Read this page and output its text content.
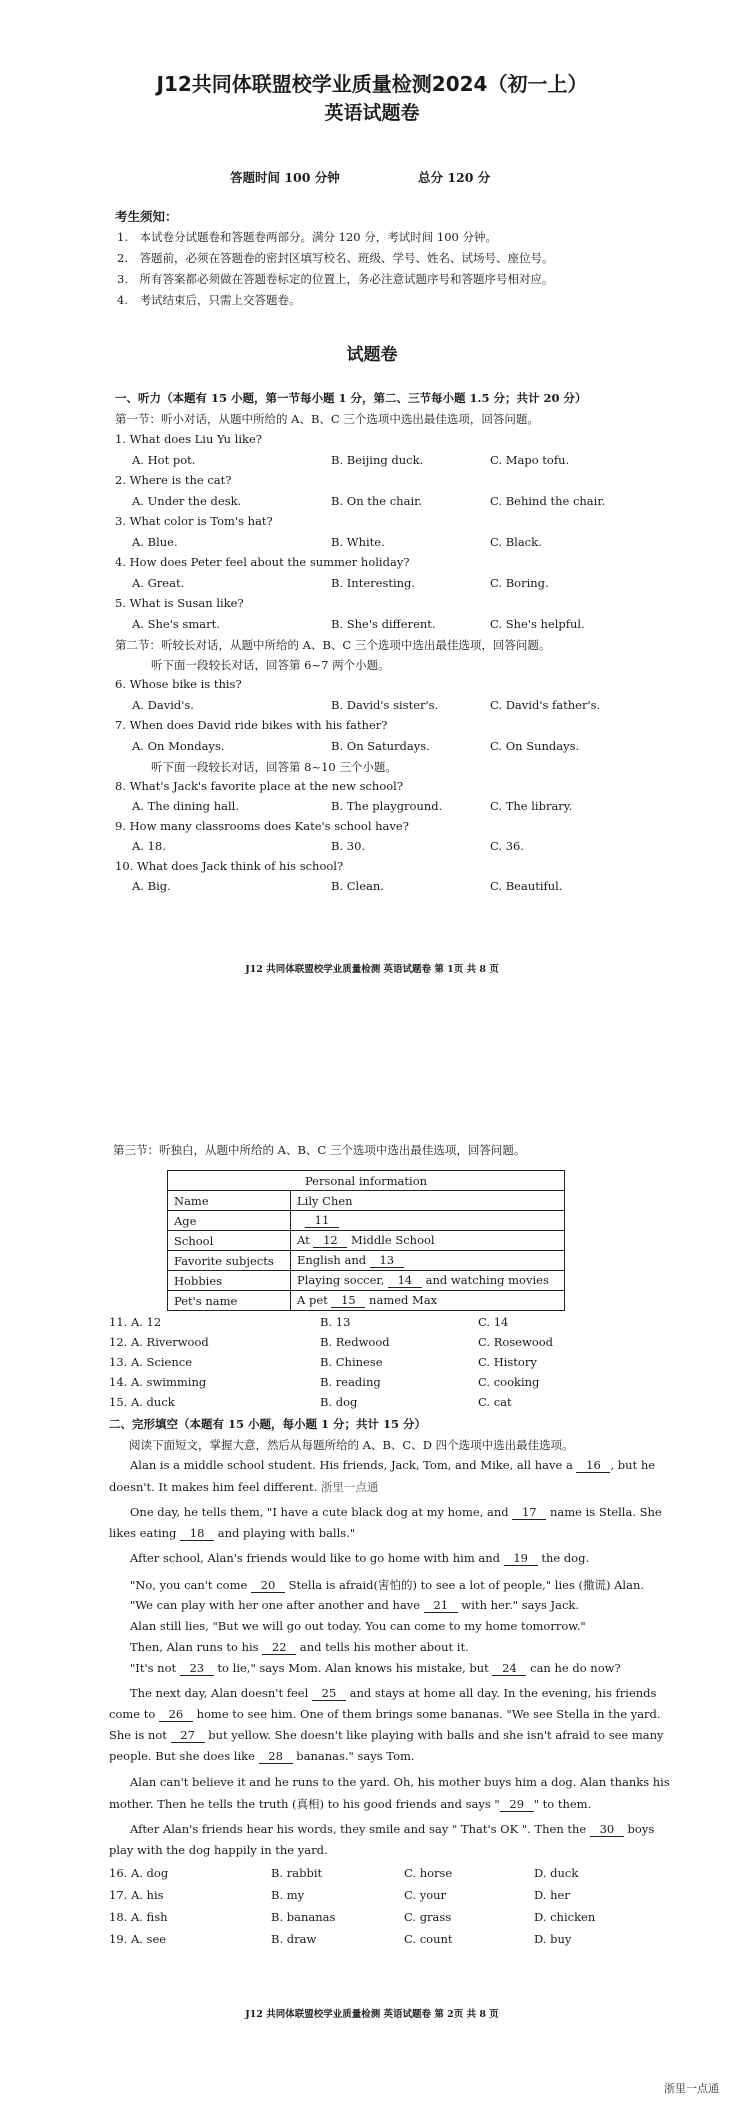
J12共同体联盟校学业质量检测2024（初一上）
英语试题卷
答题时间 100 分钟	总分 120 分
考生须知：
1.　本试卷分试题卷和答题卷两部分。满分 120 分，考试时间 100 分钟。
2.　答题前，必须在答题卷的密封区填写校名、班级、学号、姓名、试场号、座位号。
3.　所有答案都必须做在答题卷标定的位置上，务必注意试题序号和答题序号相对应。
4.　考试结束后，只需上交答题卷。
试题卷
一、听力（本题有 15 小题，第一节每小题 1 分，第二、三节每小题 1.5 分；共计 20 分）
第一节：听小对话，从题中所给的 A、B、C 三个选项中选出最佳选项，回答问题。
1. What does Liu Yu like?
A. Hot pot.	B. Beijing duck.	C. Mapo tofu.
2. Where is the cat?
A. Under the desk.	B. On the chair.	C. Behind the chair.
3. What color is Tom's hat?
A. Blue.	B. White.	C. Black.
4. How does Peter feel about the summer holiday?
A. Great.	B. Interesting.	C. Boring.
5. What is Susan like?
A. She's smart.	B. She's different.	C. She's helpful.
第二节：听较长对话，从题中所给的 A、B、C 三个选项中选出最佳选项，回答问题。
听下面一段较长对话，回答第 6~7 两个小题。
6. Whose bike is this?
A. David's.	B. David's sister's.	C. David's father's.
7. When does David ride bikes with his father?
A. On Mondays.	B. On Saturdays.	C. On Sundays.
听下面一段较长对话，回答第 8~10 三个小题。
8. What's Jack's favorite place at the new school?
A. The dining hall.	B. The playground.	C. The library.
9. How many classrooms does Kate's school have?
A. 18.	B. 30.	C. 36.
10. What does Jack think of his school?
A. Big.	B. Clean.	C. Beautiful.
J12 共同体联盟校学业质量检测 英语试题卷 第 1页 共 8 页
第三节：听独白，从题中所给的 A、B、C 三个选项中选出最佳选项，回答问题。
Personal information	
Name	Lily Chen
Age	11
School	At 12 Middle School
Favorite subjects	English and 13
Hobbies	Playing soccer, 14 and watching movies
Pet's name	A pet 15 named Max
11. A. 12	B. 13	C. 14
12. A. Riverwood	B. Redwood	C. Rosewood
13. A. Science	B. Chinese	C. History
14. A. swimming	B. reading	C. cooking
15. A. duck	B. dog	C. cat
二、完形填空（本题有 15 小题，每小题 1 分；共计 15 分）
阅读下面短文，掌握大意，然后从每题所给的 A、B、C、D 四个选项中选出最佳选项。
Alan is a middle school student. His friends, Jack, Tom, and Mike, all have a 16 , but he
doesn't. It makes him feel different. 浙里一点通
One day, he tells them, "I have a cute black dog at my home, and 17 name is Stella. She
likes eating 18 and playing with balls."
After school, Alan's friends would like to go home with him and 19 the dog.
"No, you can't come 20 Stella is afraid(害怕的) to see a lot of people," lies (撒谎) Alan.
"We can play with her one after another and have 21 with her." says Jack.
Alan still lies, "But we will go out today. You can come to my home tomorrow."
Then, Alan runs to his 22 and tells his mother about it.
"It's not 23 to lie," says Mom. Alan knows his mistake, but 24 can he do now?
The next day, Alan doesn't feel 25 and stays at home all day. In the evening, his friends
come to 26 home to see him. One of them brings some bananas. "We see Stella in the yard.
She is not 27 but yellow. She doesn't like playing with balls and she isn't afraid to see many
people. But she does like 28 bananas." says Tom.
Alan can't believe it and he runs to the yard. Oh, his mother buys him a dog. Alan thanks his
mother. Then he tells the truth (真相) to his good friends and says " 29 " to them.
After Alan's friends hear his words, they smile and say " That's OK ". Then the 30 boys
play with the dog happily in the yard.
16. A. dog	B. rabbit	C. horse	D. duck
17. A. his	B. my	C. your	D. her
18. A. fish	B. bananas	C. grass	D. chicken
19. A. see	B. draw	C. count	D. buy
J12 共同体联盟校学业质量检测 英语试题卷 第 2页 共 8 页
浙里一点通
